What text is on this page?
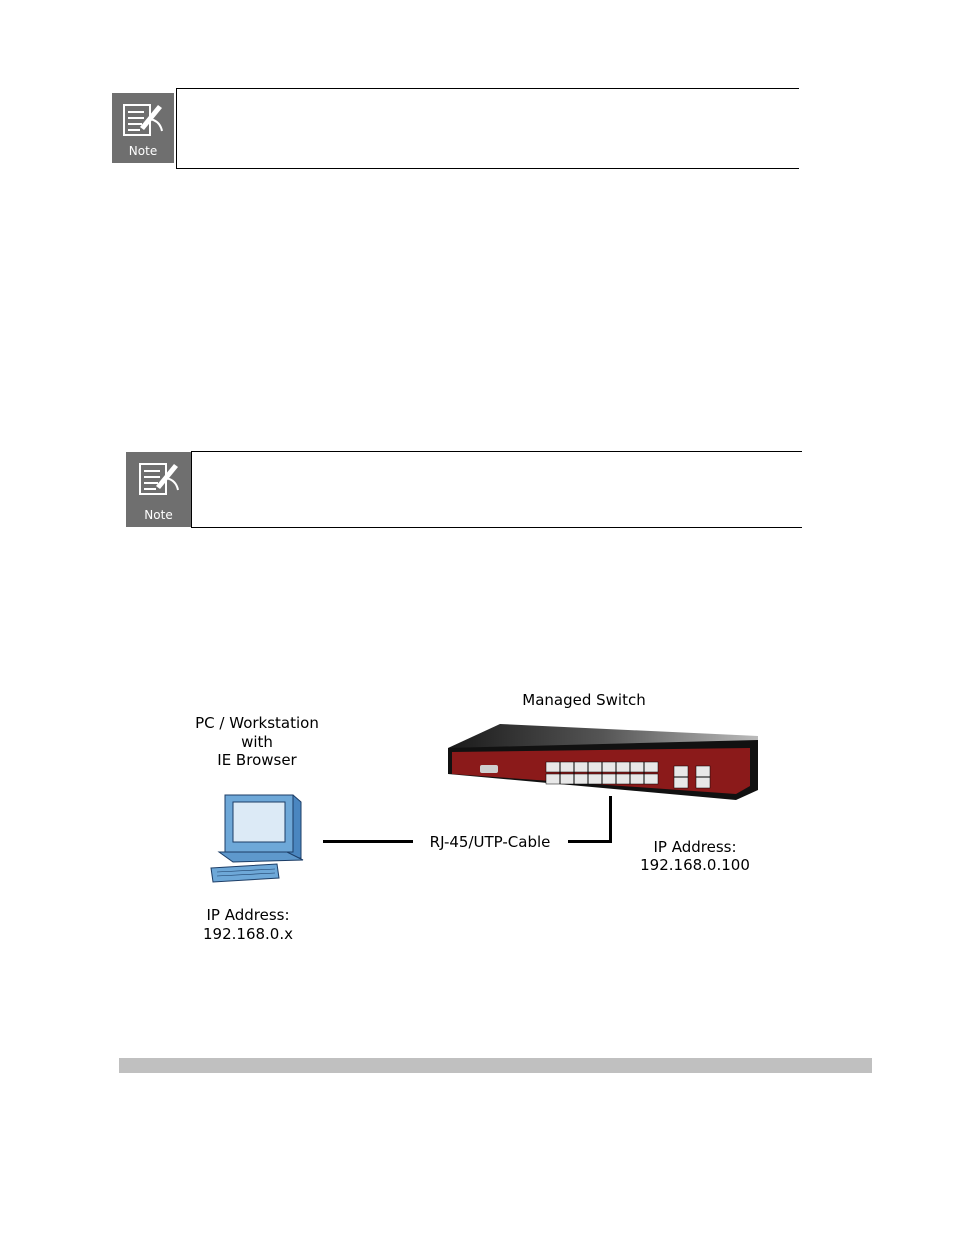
Note
Note
Managed Switch
PC / Workstation
with
IE Browser
RJ-45/UTP-Cable	IP Address:
192.168.0.100
IP Address:
192.168.0.x
